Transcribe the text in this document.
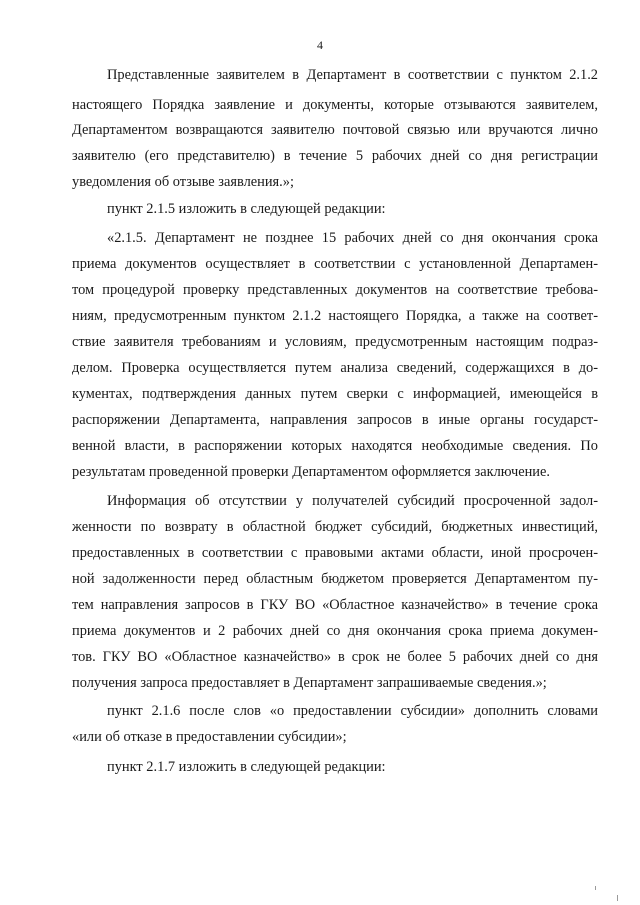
4
Представленные заявителем в Департамент в соответствии с пунктом 2.1.2
настоящего Порядка заявление и документы, которые отзываются заявителем,
Департаментом возвращаются заявителю почтовой связью или вручаются лично
заявителю (его представителю) в течение 5 рабочих дней со дня регистрации
уведомления об отзыве заявления.»;
пункт 2.1.5 изложить в следующей редакции:
«2.1.5. Департамент не позднее 15 рабочих дней со дня окончания срока
приема документов осуществляет в соответствии с установленной Департамен-
том процедурой проверку представленных документов на соответствие требова-
ниям, предусмотренным пунктом 2.1.2 настоящего Порядка, а также на соответ-
ствие заявителя требованиям и условиям, предусмотренным настоящим подраз-
делом. Проверка осуществляется путем анализа сведений, содержащихся в до-
кументах, подтверждения данных путем сверки с информацией, имеющейся в
распоряжении Департамента, направления запросов в иные органы государст-
венной власти, в распоряжении которых находятся необходимые сведения. По
результатам проведенной проверки Департаментом оформляется заключение.
Информация об отсутствии у получателей субсидий просроченной задол-
женности по возврату в областной бюджет субсидий, бюджетных инвестиций,
предоставленных в соответствии с правовыми актами области, иной просрочен-
ной задолженности перед областным бюджетом проверяется Департаментом пу-
тем направления запросов в ГКУ ВО «Областное казначейство» в течение срока
приема документов и 2 рабочих дней со дня окончания срока приема докумен-
тов. ГКУ ВО «Областное казначейство» в срок не более 5 рабочих дней со дня
получения запроса предоставляет в Департамент запрашиваемые сведения.»;
пункт 2.1.6 после слов «о предоставлении субсидии» дополнить словами
«или об отказе в предоставлении субсидии»;
пункт 2.1.7 изложить в следующей редакции:
